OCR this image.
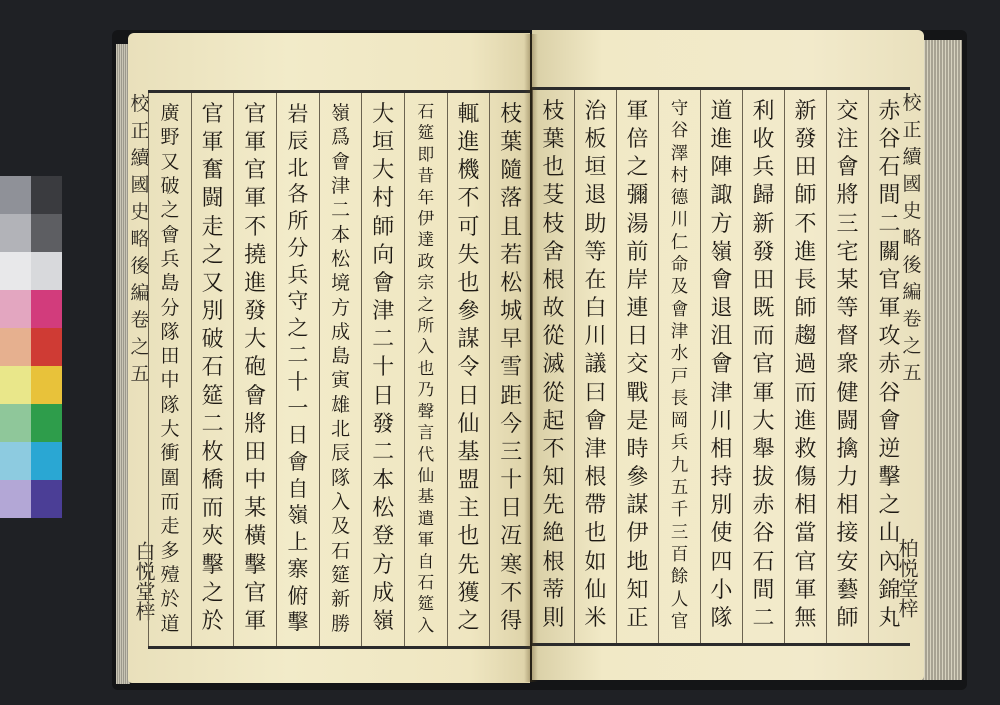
校
正
續
國
史
略
後
編
卷
之
五
白悦堂梓
枝
葉
隨
落
且
若
松
城
早
雪
距
今
三
十
日
冱
寒
不
得
輒
進
機
不
可
失
也
參
謀
令
日
仙
基
盟
主
也
先
獲
之
石
筵
即
昔
年
伊
達
政
宗
之
所
入
也
乃
聲
言
代
仙
基
遣
軍
自
石
筵
入
大
垣
大
村
師
向
會
津
二
十
日
發
二
本
松
登
方
成
嶺
嶺
爲
會
津
二
本
松
境
方
成
島
寅
雄
北
辰
隊
入
及
石
筵
新
勝
岩
辰
北
各
所
分
兵
守
之
二
十
一
日
會
自
嶺
上
寨
俯
擊
官
軍
官
軍
不
撓
進
發
大
砲
會
將
田
中
某
橫
擊
官
軍
官
軍
奮
闘
走
之
又
別
破
石
筵
二
枚
橋
而
夾
擊
之
於
廣
野
又
破
之
會
兵
島
分
隊
田
中
隊
大
衝
圍
而
走
多
殪
於
道
校
正
續
國
史
略
後
編
卷
之
五
柏悦堂梓
赤
谷
石
間
二
關
官
軍
攻
赤
谷
會
逆
擊
之
山
內
錦
丸
交
注
會
將
三
宅
某
等
督
衆
健
闘
擒
力
相
接
安
藝
師
新
發
田
師
不
進
長
師
趨
過
而
進
救
傷
相
當
官
軍
無
利
收
兵
歸
新
發
田
既
而
官
軍
大
舉
拔
赤
谷
石
間
二
道
進
陣
諏
方
嶺
會
退
沮
會
津
川
相
持
別
使
四
小
隊
守
谷
澤
村
德
川
仁
命
及
會
津
水
戸
長
岡
兵
九
五
千
三
百
餘
人
官
軍
倍
之
彌
湯
前
岸
連
日
交
戰
是
時
參
謀
伊
地
知
正
治
板
垣
退
助
等
在
白
川
議
曰
會
津
根
帶
也
如
仙
米
枝
葉
也
芟
枝
舍
根
故
從
滅
從
起
不
知
先
絶
根
蒂
則
